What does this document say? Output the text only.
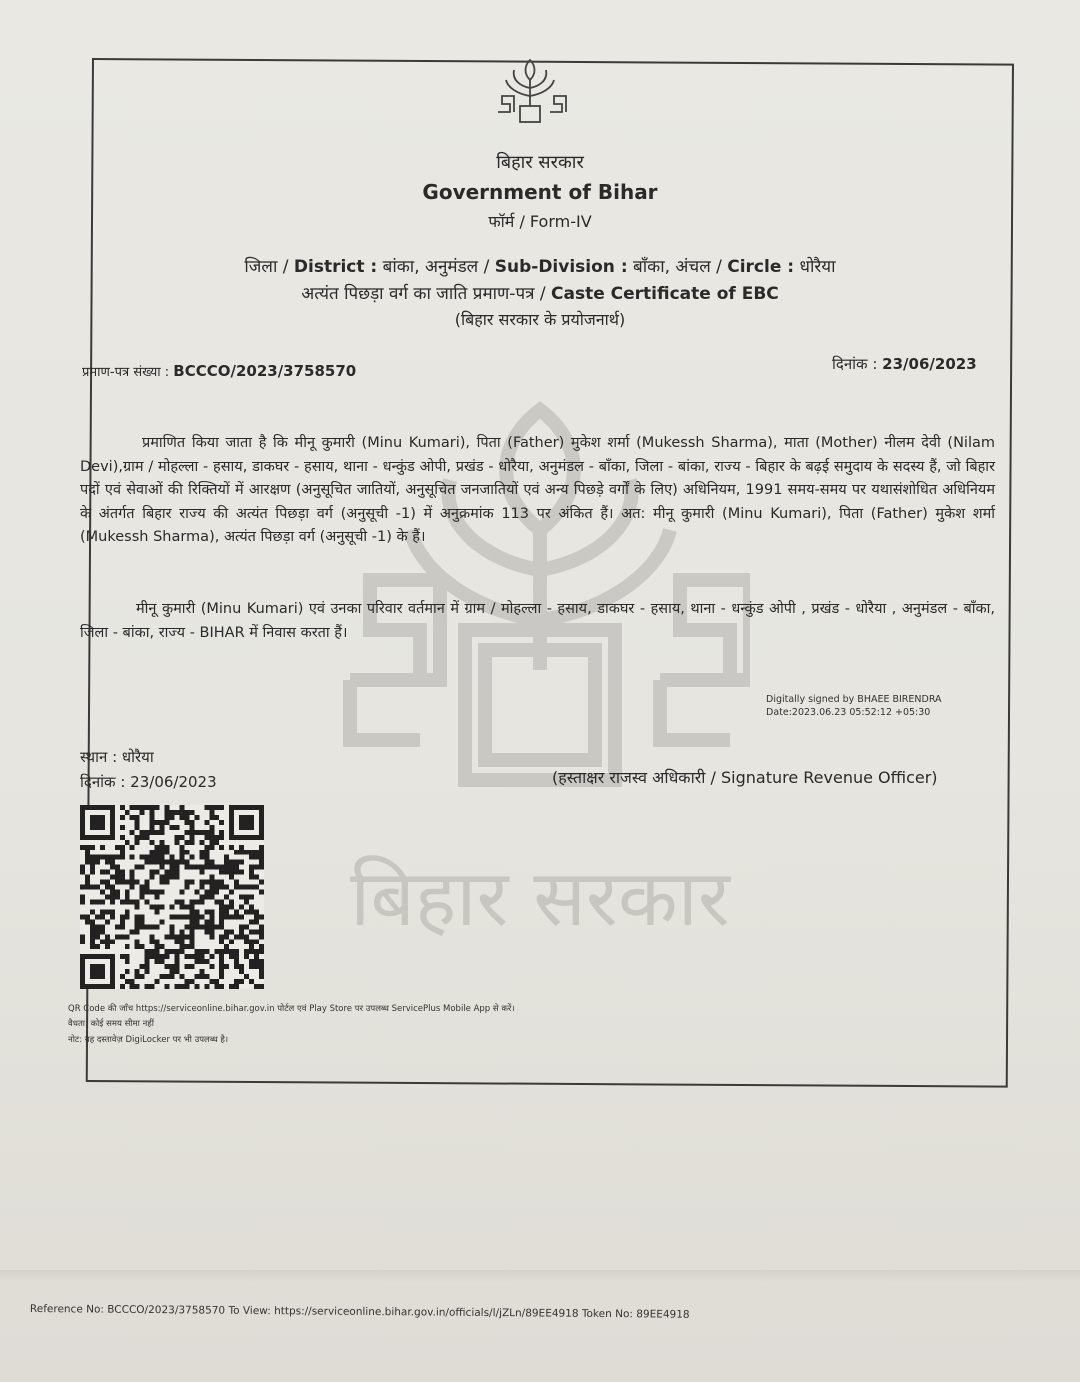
बिहार सरकार
बिहार सरकार
Government of Bihar
फॉर्म / Form-IV
जिला / District : बांका, अनुमंडल / Sub-Division : बाँका, अंचल / Circle : धोरैया
अत्यंत पिछड़ा वर्ग का जाति प्रमाण-पत्र / Caste Certificate of EBC
(बिहार सरकार के प्रयोजनार्थ)
प्रमाण-पत्र संख्या : BCCCO/2023/3758570	दिनांक : 23/06/2023
प्रमाणित किया जाता है कि मीनू कुमारी (Minu Kumari), पिता (Father) मुकेश शर्मा (Mukessh Sharma), माता (Mother) नीलम देवी (Nilam Devi),ग्राम / मोहल्ला - हसाय, डाकघर - हसाय, थाना - धन्कुंड ओपी, प्रखंड - धोरैया, अनुमंडल - बाँका, जिला - बांका, राज्य - बिहार के बढ़ई समुदाय के सदस्य हैं, जो बिहार पदों एवं सेवाओं की रिक्तियों में आरक्षण (अनुसूचित जातियों, अनुसूचित जनजातियों एवं अन्य पिछड़े वर्गों के लिए) अधिनियम, 1991 समय-समय पर यथासंशोधित अधिनियम के अंतर्गत बिहार राज्य की अत्यंत पिछड़ा वर्ग (अनुसूची -1) में अनुक्रमांक 113 पर अंकित हैं। अत: मीनू कुमारी (Minu Kumari), पिता (Father) मुकेश शर्मा (Mukessh Sharma), अत्यंत पिछड़ा वर्ग (अनुसूची -1) के हैं।
मीनू कुमारी (Minu Kumari) एवं उनका परिवार वर्तमान में ग्राम / मोहल्ला - हसाय, डाकघर - हसाय, थाना - धन्कुंड ओपी , प्रखंड - धोरैया , अनुमंडल - बाँका, जिला - बांका, राज्य - BIHAR में निवास करता हैं।
Digitally signed by BHAEE BIRENDRA
Date:2023.06.23 05:52:12 +05:30
स्थान : धोरैया
दिनांक : 23/06/2023	(हस्ताक्षर राजस्व अधिकारी / Signature Revenue Officer)
QR Code की जाँच https://serviceonline.bihar.gov.in पोर्टल एवं Play Store पर उपलब्ध ServicePlus Mobile App से करें।
वैधता: कोई समय सीमा नहीं
नोट: यह दस्तावेज़ DigiLocker पर भी उपलब्ध है।
Reference No: BCCCO/2023/3758570 To View: https://serviceonline.bihar.gov.in/officials/l/jZLn/89EE4918 Token No: 89EE4918
